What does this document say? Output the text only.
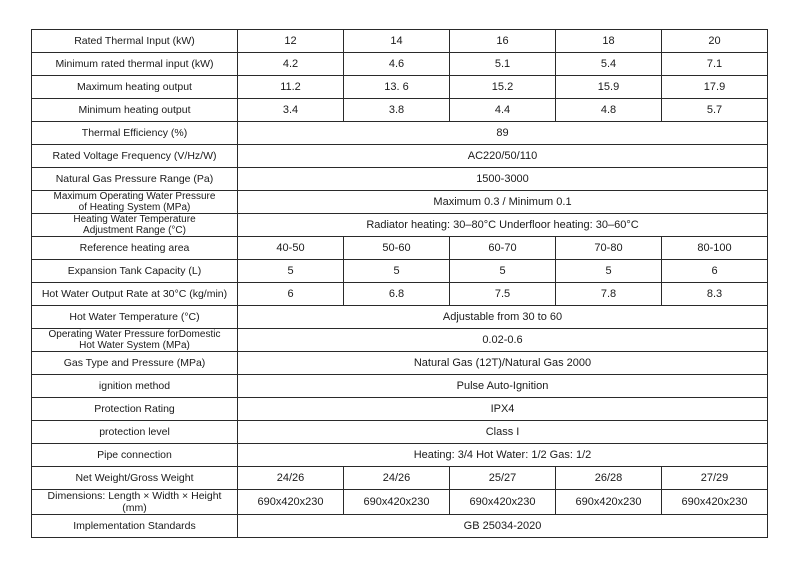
Rated Thermal Input (kW)	12	14	16	18	20
Minimum rated thermal input (kW)	4.2	4.6	5.1	5.4	7.1
Maximum heating output	11.2	13. 6	15.2	15.9	17.9
Minimum heating output	3.4	3.8	4.4	4.8	5.7
Thermal Efficiency (%)	89				
Rated Voltage Frequency (V/Hz/W)	AC220/50/110				
Natural Gas Pressure Range (Pa)	1500-3000				
Maximum Operating Water Pressure
of Heating System (MPa)	Maximum 0.3 / Minimum 0.1				
Heating Water Temperature
Adjustment Range (°C)	Radiator heating: 30–80°C Underfloor heating: 30–60°C				
Reference heating area	40-50	50-60	60-70	70-80	80-100
Expansion Tank Capacity (L)	5	5	5	5	6
Hot Water Output Rate at 30°C (kg/min)	6	6.8	7.5	7.8	8.3
Hot Water Temperature (°C)	Adjustable from 30 to 60				
Operating Water Pressure forDomestic
Hot Water System (MPa)	0.02-0.6				
Gas Type and Pressure (MPa)	Natural Gas (12T)/Natural Gas 2000				
ignition method	Pulse Auto-Ignition				
Protection Rating	IPX4				
protection level	Class I				
Pipe connection	Heating: 3/4 Hot Water: 1/2 Gas: 1/2				
Net Weight/Gross Weight	24/26	24/26	25/27	26/28	27/29
Dimensions: Length × Width × Height (mm)	690x420x230	690x420x230	690x420x230	690x420x230	690x420x230
Implementation Standards	GB 25034-2020				
